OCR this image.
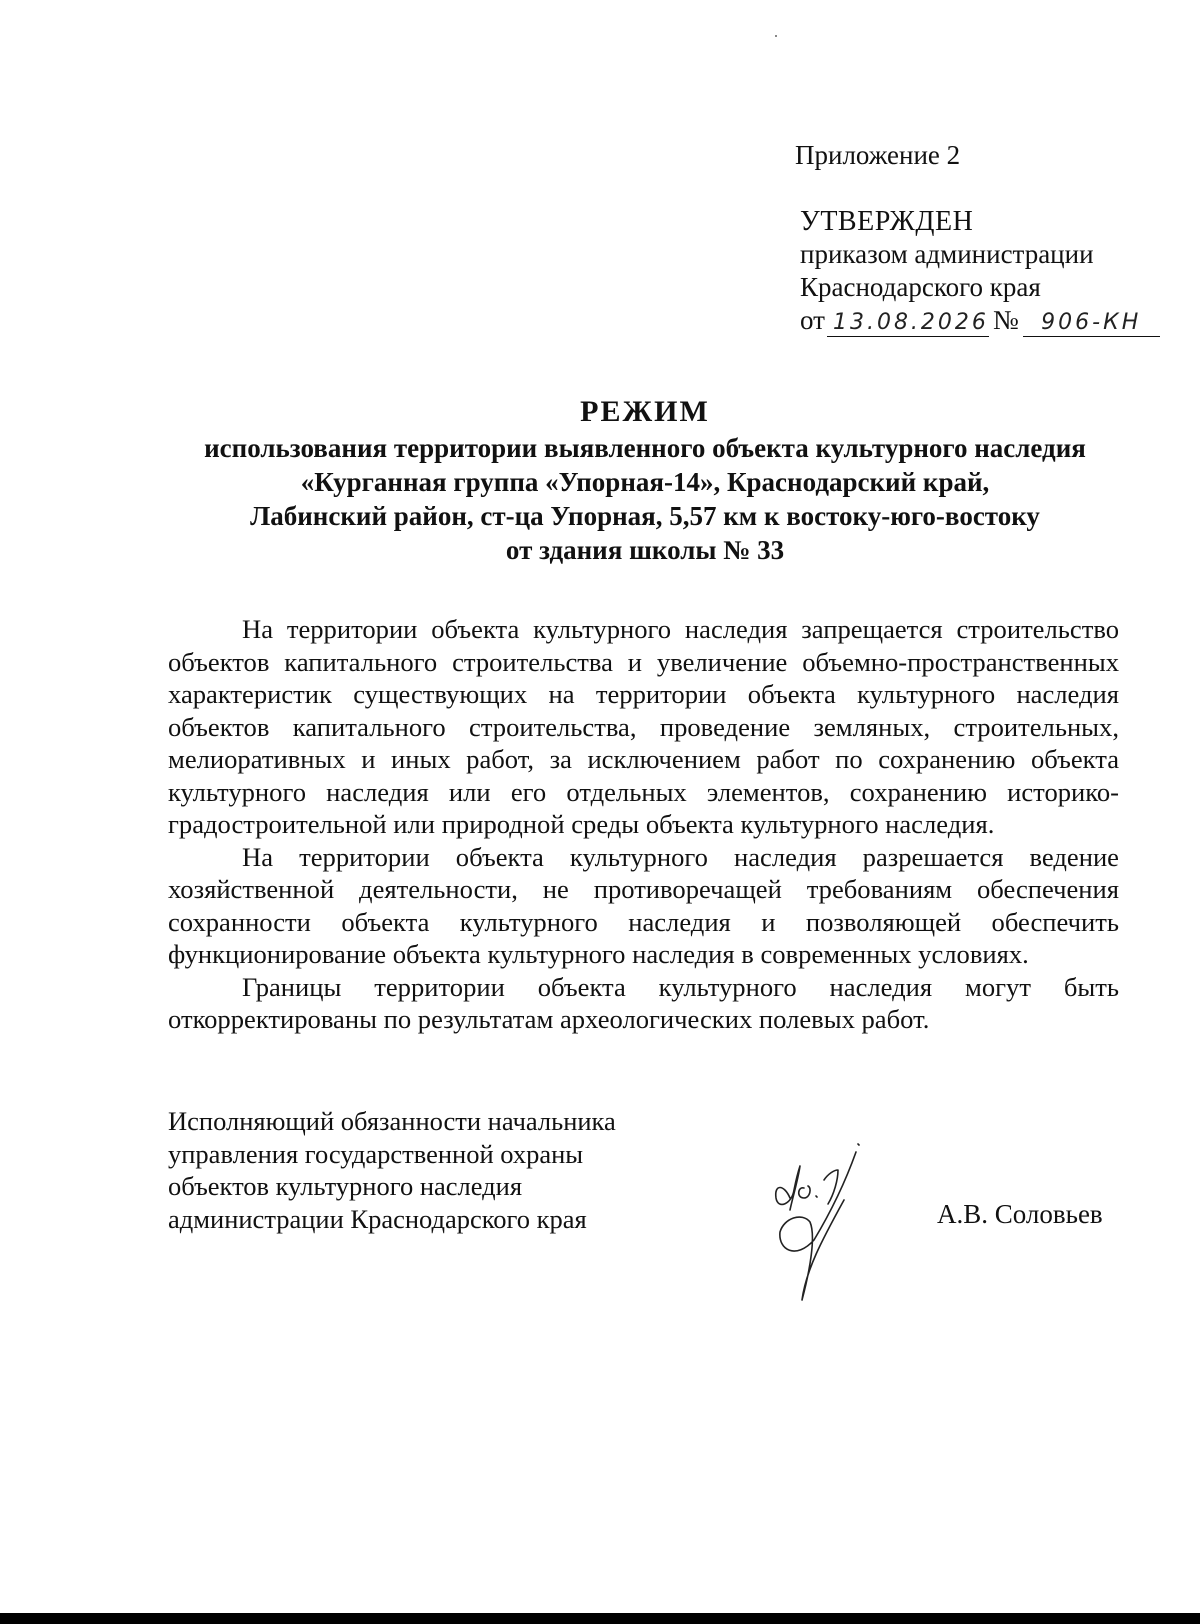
Приложение 2
УТВЕРЖДЕН
приказом администрации
Краснодарского края
от 13.08.2026 №	906-КН
РЕЖИМ
использования территории выявленного объекта культурного наследия
«Курганная группа «Упорная-14», Краснодарский край,
Лабинский район, ст-ца Упорная, 5,57 км к востоку-юго-востоку
от здания школы № 33

На территории объекта культурного наследия запрещается строительство объектов капитального строительства и увеличение объемно-пространственных характеристик существующих на территории объекта культурного наследия объектов капитального строительства, проведение земляных, строительных, мелиоративных и иных работ, за исключением работ по сохранению объекта культурного наследия или его отдельных элементов, сохранению историко-градостроительной или природной среды объекта культурного наследия.

На территории объекта культурного наследия разрешается ведение хозяйственной деятельности, не противоречащей требованиям обеспечения сохранности объекта культурного наследия и позволяющей обеспечить функционирование объекта культурного наследия в современных условиях.

Границы территории объекта культурного наследия могут быть откорректированы по результатам археологических полевых работ.

Исполняющий обязанности начальника
управления государственной охраны
объектов культурного наследия
администрации Краснодарского края	А.В. Соловьев
